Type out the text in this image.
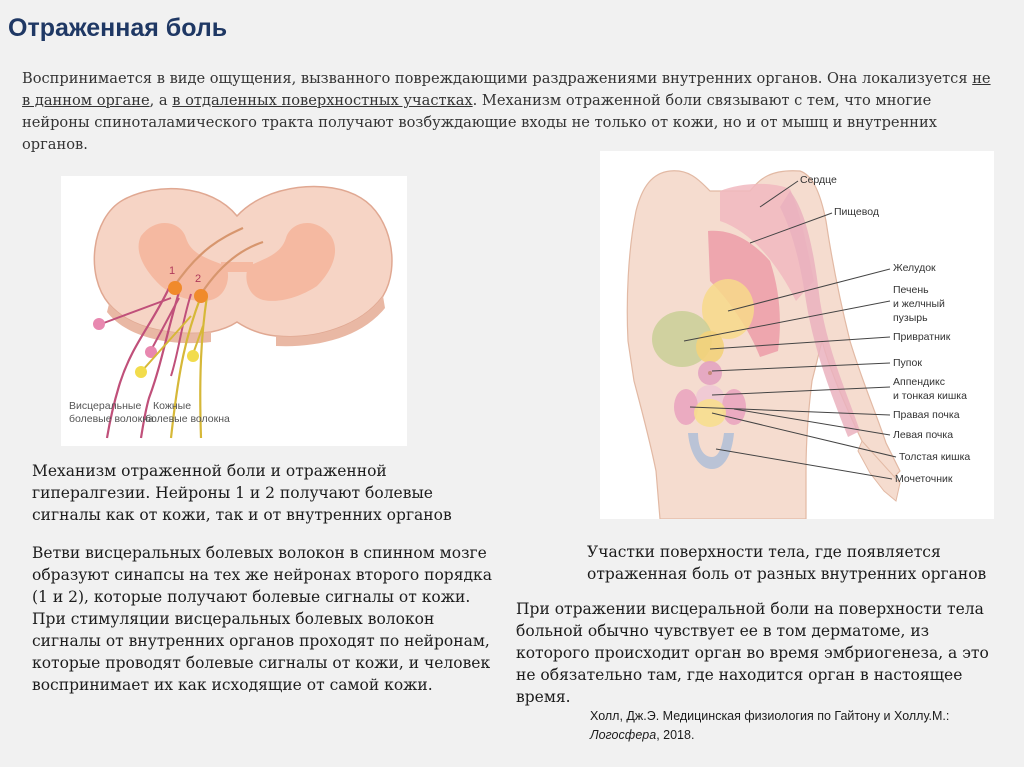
Отраженная боль
Воспринимается в виде ощущения, вызванного повреждающими раздражениями внутренних органов. Она локализуется не в данном органе, а в отдаленных поверхностных участках. Механизм отраженной боли связывают с тем, что многие нейроны спиноталамического тракта получают возбуждающие входы не только от кожи, но и от мышц и внутренних органов.
1
2
Висцеральные
болевые волокна
Кожные
болевые волокна
Сердце
Пищевод
Желудок
Печень
и желчный
пузырь
Привратник
Пупок
Аппендикс
и тонкая кишка
Правая почка
Левая почка
Толстая кишка
Мочеточник
Механизм отраженной боли и отраженной гипералгезии. Нейроны 1 и 2 получают болевые сигналы как от кожи, так и от внутренних органов
Ветви висцеральных болевых волокон в спинном мозге образуют синапсы на тех же нейронах второго порядка (1 и 2), которые получают болевые сигналы от кожи. При стимуляции висцеральных болевых волокон сигналы от внутренних органов проходят по нейронам, которые проводят болевые сигналы от кожи, и человек воспринимает их как исходящие от самой кожи.
Участки поверхности тела, где появляется отраженная боль от разных внутренних органов
При отражении висцеральной боли на поверхности тела больной обычно чувствует ее в том дерматоме, из которого происходит орган во время эмбриогенеза, а это не обязательно там, где находится орган в настоящее время.
Холл, Дж.Э. Медицинская физиология по Гайтону и Холлу.М.: Логосфера, 2018.
